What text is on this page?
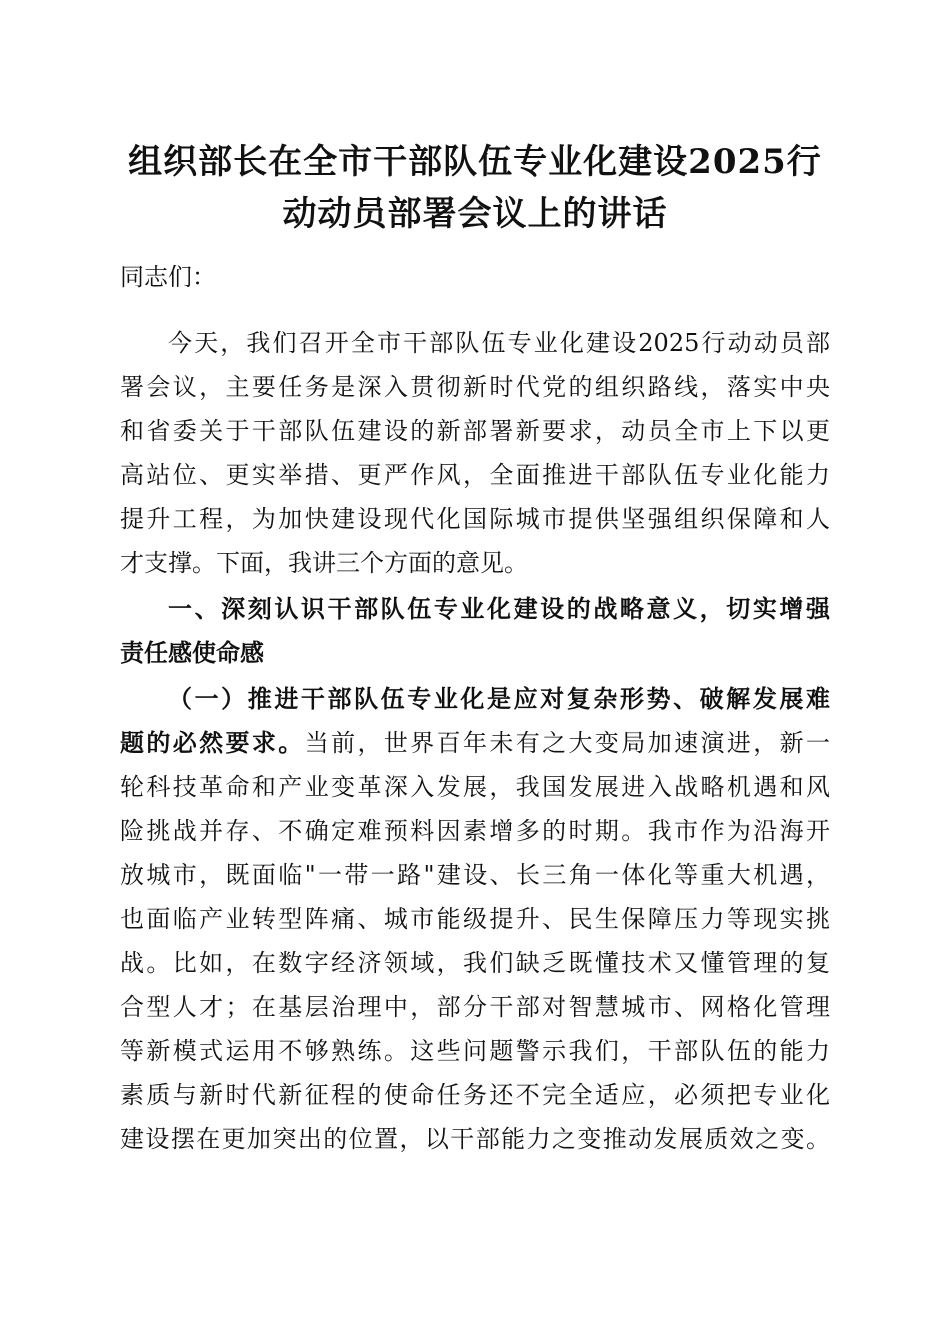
组织部长在全市干部队伍专业化建设2025行
动动员部署会议上的讲话
同志们：
今天，我们召开全市干部队伍专业化建设2025行动动员部
署会议，主要任务是深入贯彻新时代党的组织路线，落实中央
和省委关于干部队伍建设的新部署新要求，动员全市上下以更
高站位、更实举措、更严作风，全面推进干部队伍专业化能力
提升工程，为加快建设现代化国际城市提供坚强组织保障和人
才支撑。下面，我讲三个方面的意见。
一、深刻认识干部队伍专业化建设的战略意义，切实增强
责任感使命感
（一）推进干部队伍专业化是应对复杂形势、破解发展难
题的必然要求。当前，世界百年未有之大变局加速演进，新一
轮科技革命和产业变革深入发展，我国发展进入战略机遇和风
险挑战并存、不确定难预料因素增多的时期。我市作为沿海开
放城市，既面临"一带一路"建设、长三角一体化等重大机遇，
也面临产业转型阵痛、城市能级提升、民生保障压力等现实挑
战。比如，在数字经济领域，我们缺乏既懂技术又懂管理的复
合型人才；在基层治理中，部分干部对智慧城市、网格化管理
等新模式运用不够熟练。这些问题警示我们，干部队伍的能力
素质与新时代新征程的使命任务还不完全适应，必须把专业化
建设摆在更加突出的位置，以干部能力之变推动发展质效之变。
